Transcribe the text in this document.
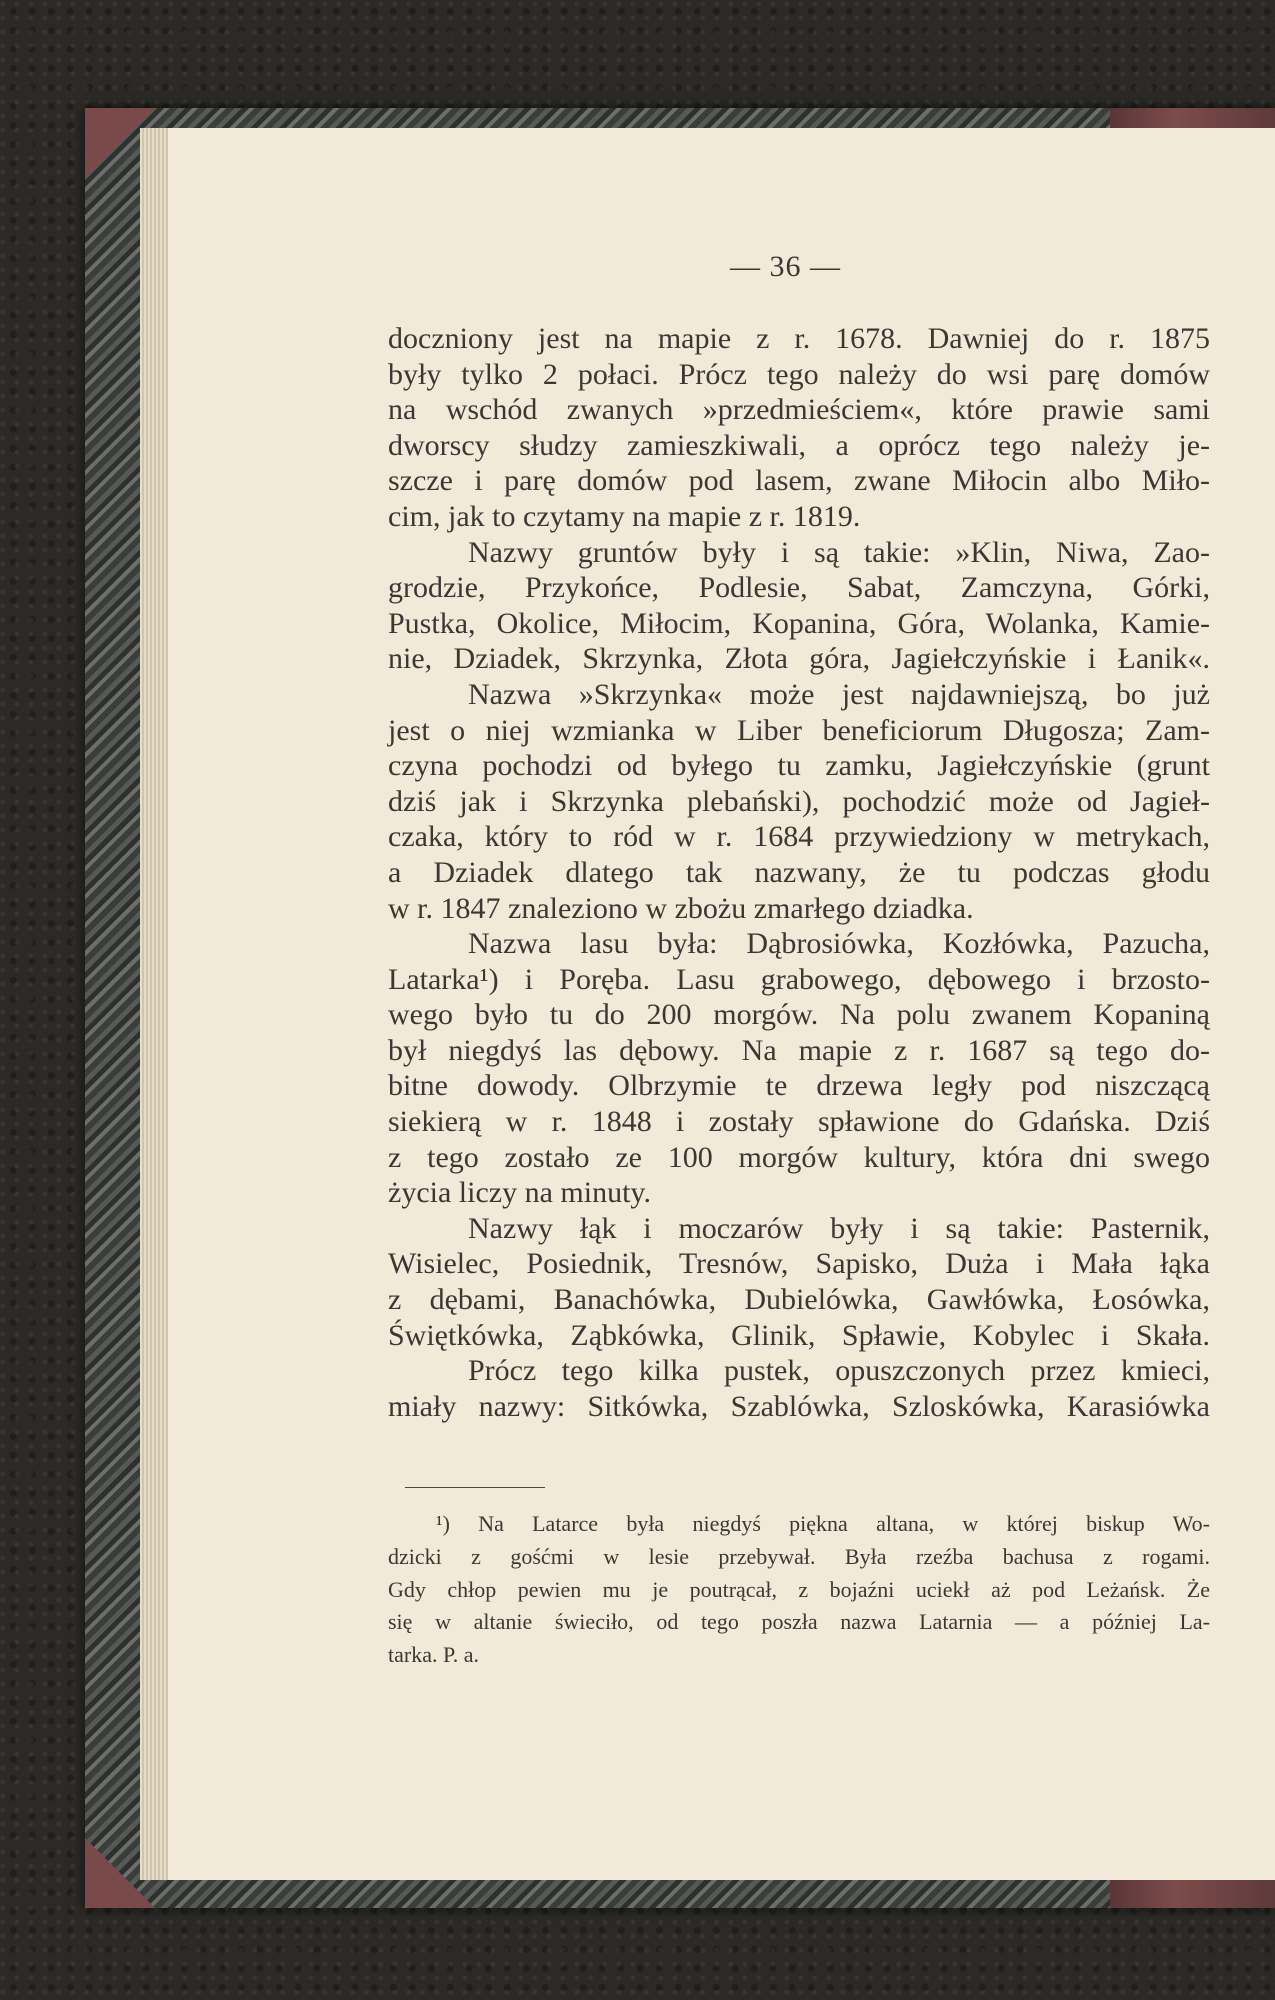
— 36 —
doczniony jest na mapie z r. 1678. Dawniej do r. 1875
były tylko 2 połaci. Prócz tego należy do wsi parę domów
na wschód zwanych »przedmieściem«, które prawie sami
dworscy słudzy zamieszkiwali, a oprócz tego należy je-
szcze i parę domów pod lasem, zwane Miłocin albo Miło-
cim, jak to czytamy na mapie z r. 1819.
Nazwy gruntów były i są takie: »Klin, Niwa, Zao-
grodzie, Przykońce, Podlesie, Sabat, Zamczyna, Górki,
Pustka, Okolice, Miłocim, Kopanina, Góra, Wolanka, Kamie-
nie, Dziadek, Skrzynka, Złota góra, Jagiełczyńskie i Łanik«.
Nazwa »Skrzynka« może jest najdawniejszą, bo już
jest o niej wzmianka w Liber beneficiorum Długosza; Zam-
czyna pochodzi od byłego tu zamku, Jagiełczyńskie (grunt
dziś jak i Skrzynka plebański), pochodzić może od Jagieł-
czaka, który to ród w r. 1684 przywiedziony w metrykach,
a Dziadek dlatego tak nazwany, że tu podczas głodu
w r. 1847 znaleziono w zbożu zmarłego dziadka.
Nazwa lasu była: Dąbrosiówka, Kozłówka, Pazucha,
Latarka¹) i Poręba. Lasu grabowego, dębowego i brzosto-
wego było tu do 200 morgów. Na polu zwanem Kopaniną
był niegdyś las dębowy. Na mapie z r. 1687 są tego do-
bitne dowody. Olbrzymie te drzewa legły pod niszczącą
siekierą w r. 1848 i zostały spławione do Gdańska. Dziś
z tego zostało ze 100 morgów kultury, która dni swego
życia liczy na minuty.
Nazwy łąk i moczarów były i są takie: Pasternik,
Wisielec, Posiednik, Tresnów, Sapisko, Duża i Mała łąka
z dębami, Banachówka, Dubielówka, Gawłówka, Łosówka,
Świętkówka, Ząbkówka, Glinik, Spławie, Kobylec i Skała.
Prócz tego kilka pustek, opuszczonych przez kmieci,
miały nazwy: Sitkówka, Szablówka, Szloskówka, Karasiówka
¹) Na Latarce była niegdyś piękna altana, w której biskup Wo-
dzicki z gośćmi w lesie przebywał. Była rzeźba bachusa z rogami.
Gdy chłop pewien mu je poutrącał, z bojaźni uciekł aż pod Leżańsk. Że
się w altanie świeciło, od tego poszła nazwa Latarnia — a później La-
tarka. P. a.
